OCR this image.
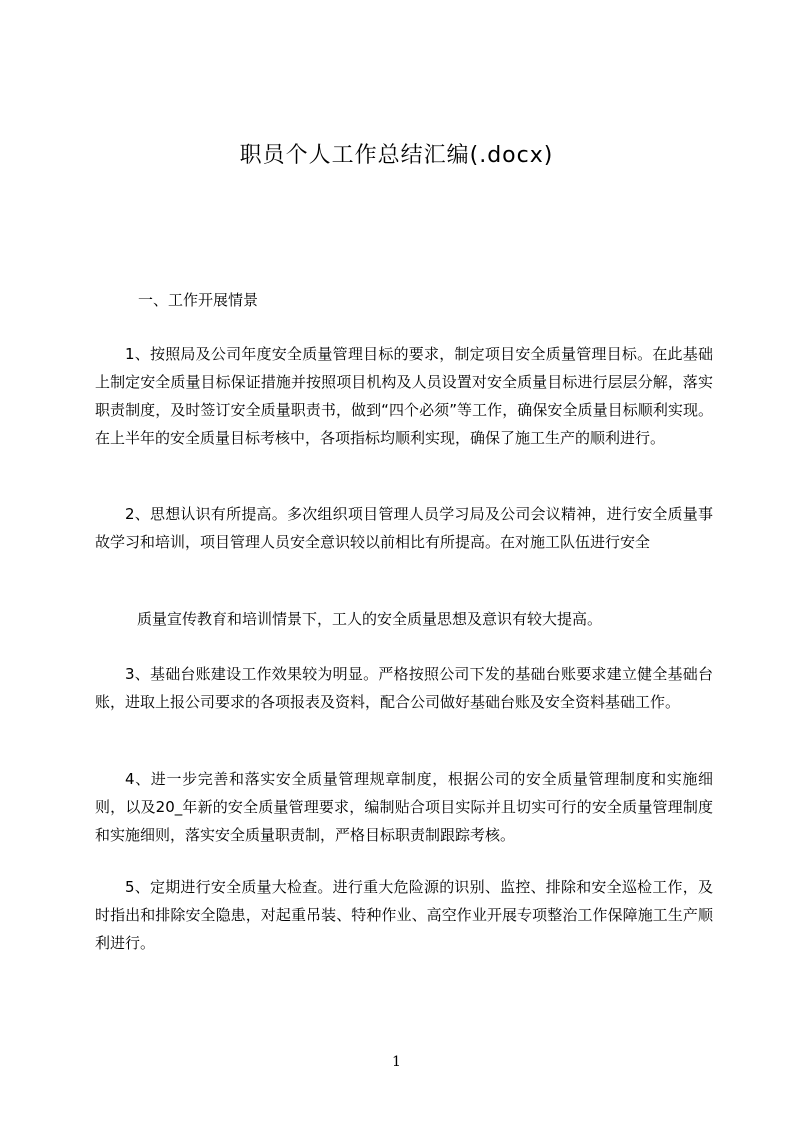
职员个人工作总结汇编(.docx)
一、工作开展情景

1、按照局及公司年度安全质量管理目标的要求，制定项目安全质量管理目标。在此基础上制定安全质量目标保证措施并按照项目机构及人员设置对安全质量目标进行层层分解，落实职责制度，及时签订安全质量职责书，做到“四个必须”等工作，确保安全质量目标顺利实现。在上半年的安全质量目标考核中，各项指标均顺利实现，确保了施工生产的顺利进行。

2、思想认识有所提高。多次组织项目管理人员学习局及公司会议精神，进行安全质量事故学习和培训，项目管理人员安全意识较以前相比有所提高。在对施工队伍进行安全

质量宣传教育和培训情景下，工人的安全质量思想及意识有较大提高。

3、基础台账建设工作效果较为明显。严格按照公司下发的基础台账要求建立健全基础台账，进取上报公司要求的各项报表及资料，配合公司做好基础台账及安全资料基础工作。

4、进一步完善和落实安全质量管理规章制度，根据公司的安全质量管理制度和实施细则，以及20_年新的安全质量管理要求，编制贴合项目实际并且切实可行的安全质量管理制度和实施细则，落实安全质量职责制，严格目标职责制跟踪考核。

5、定期进行安全质量大检查。进行重大危险源的识别、监控、排除和安全巡检工作，及时指出和排除安全隐患，对起重吊装、特种作业、高空作业开展专项整治工作保障施工生产顺利进行。

1
